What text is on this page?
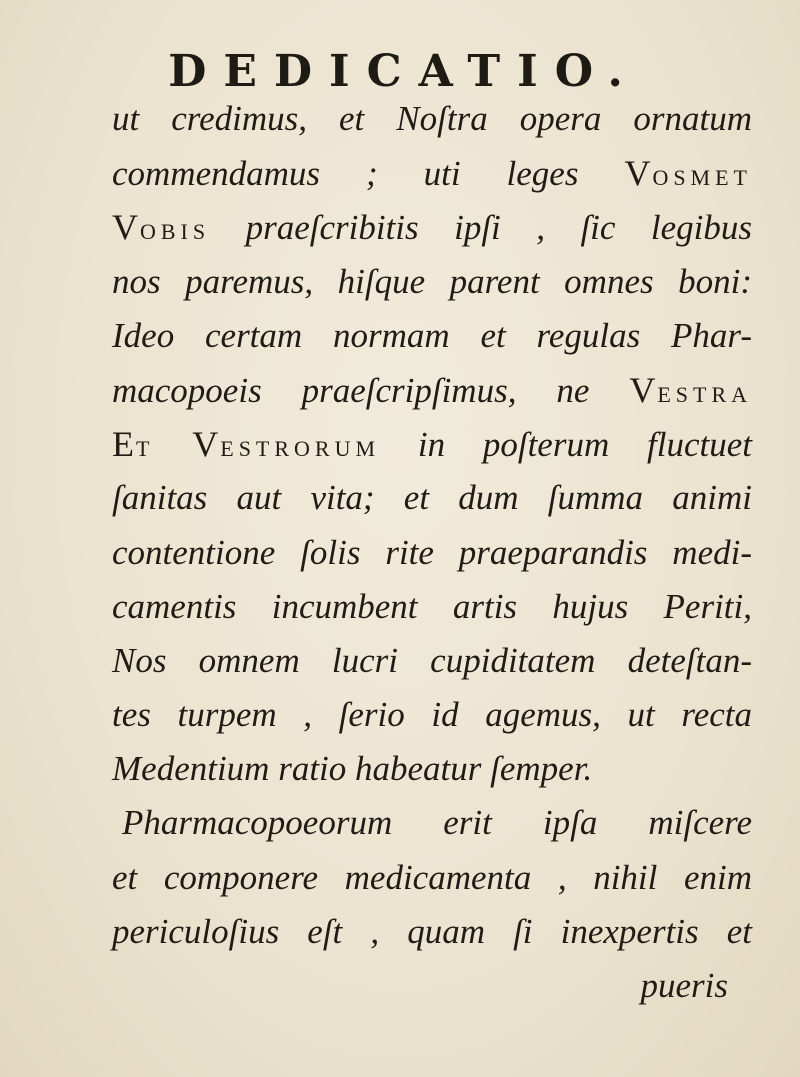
DEDICATIO.
ut credimus, et Noſtra opera ornatum
commendamus ; uti leges VOSMET
VOBIS praeſcribitis ipſi , ſic legibus
nos paremus, hiſque parent omnes boni:
Ideo certam normam et regulas Phar-
macopoeis praeſcripſimus, ne VESTRA
ET VESTRORUM in poſterum fluctuet
ſanitas aut vita; et dum ſumma animi
contentione ſolis rite praeparandis medi-
camentis incumbent artis hujus Periti,
Nos omnem lucri cupiditatem deteſtan-
tes turpem , ſerio id agemus, ut recta
Medentium ratio habeatur ſemper.
Pharmacopoeorum erit ipſa miſcere
et componere medicamenta , nihil enim
periculoſius eſt , quam ſi inexpertis et
pueris
